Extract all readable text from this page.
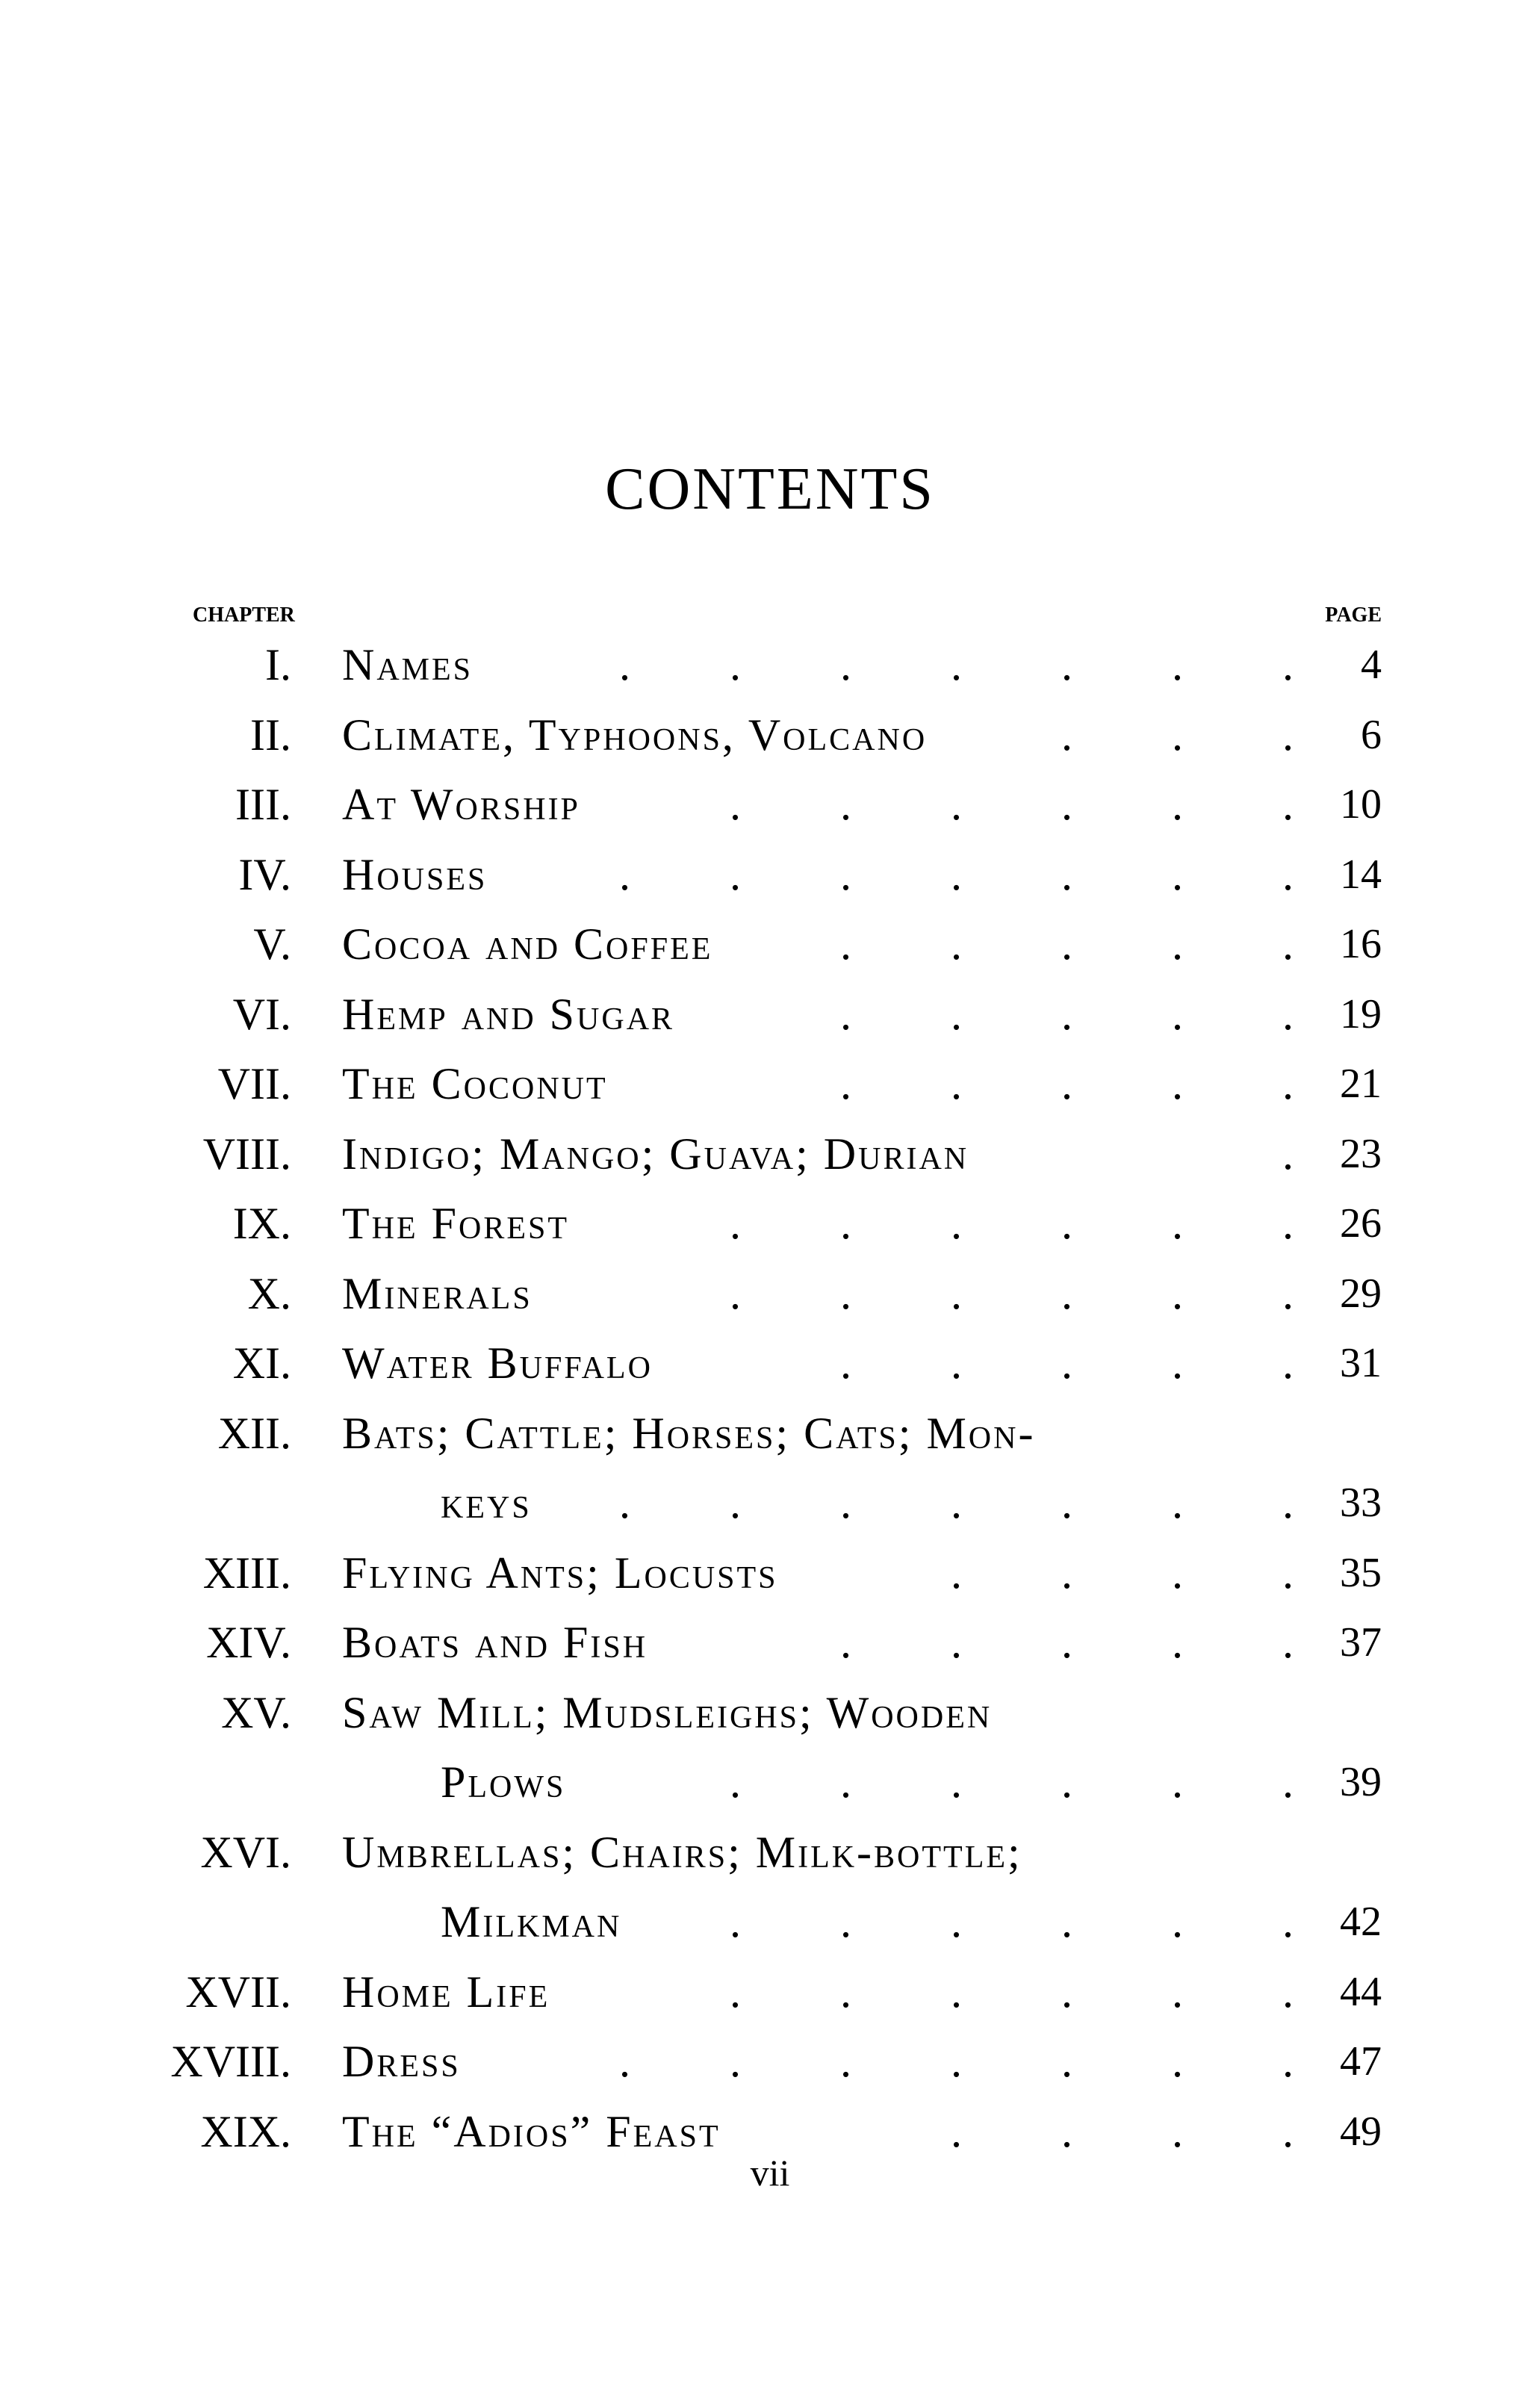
CONTENTS
CHAPTER	PAGE
I. Names	. . . . . . . 4
II. Climate, Typhoons, Volcano	. . . 6
III. At Worship	. . . . . . 10
IV. Houses	. . . . . . . 14
V. Cocoa and Coffee	. . . . . 16
VI. Hemp and Sugar	. . . . . 19
VII. The Coconut	. . . . . 21
VIII. Indigo; Mango; Guava; Durian	. 23
IX. The Forest	. . . . . . 26
X. Minerals	. . . . . . 29
XI. Water Buffalo	. . . . . 31
XII. Bats; Cattle; Horses; Cats; Mon-
keys	. . . . . . . 33
XIII. Flying Ants; Locusts	. . . . 35
XIV. Boats and Fish	. . . . . 37
XV. Saw Mill; Mudsleighs; Wooden
Plows	. . . . . . 39
XVI. Umbrellas; Chairs; Milk-bottle;
Milkman	. . . . . . 42
XVII. Home Life	. . . . . . 44
XVIII. Dress	. . . . . . . 47
XIX. The “Adios” Feast	. . . . 49
vii
